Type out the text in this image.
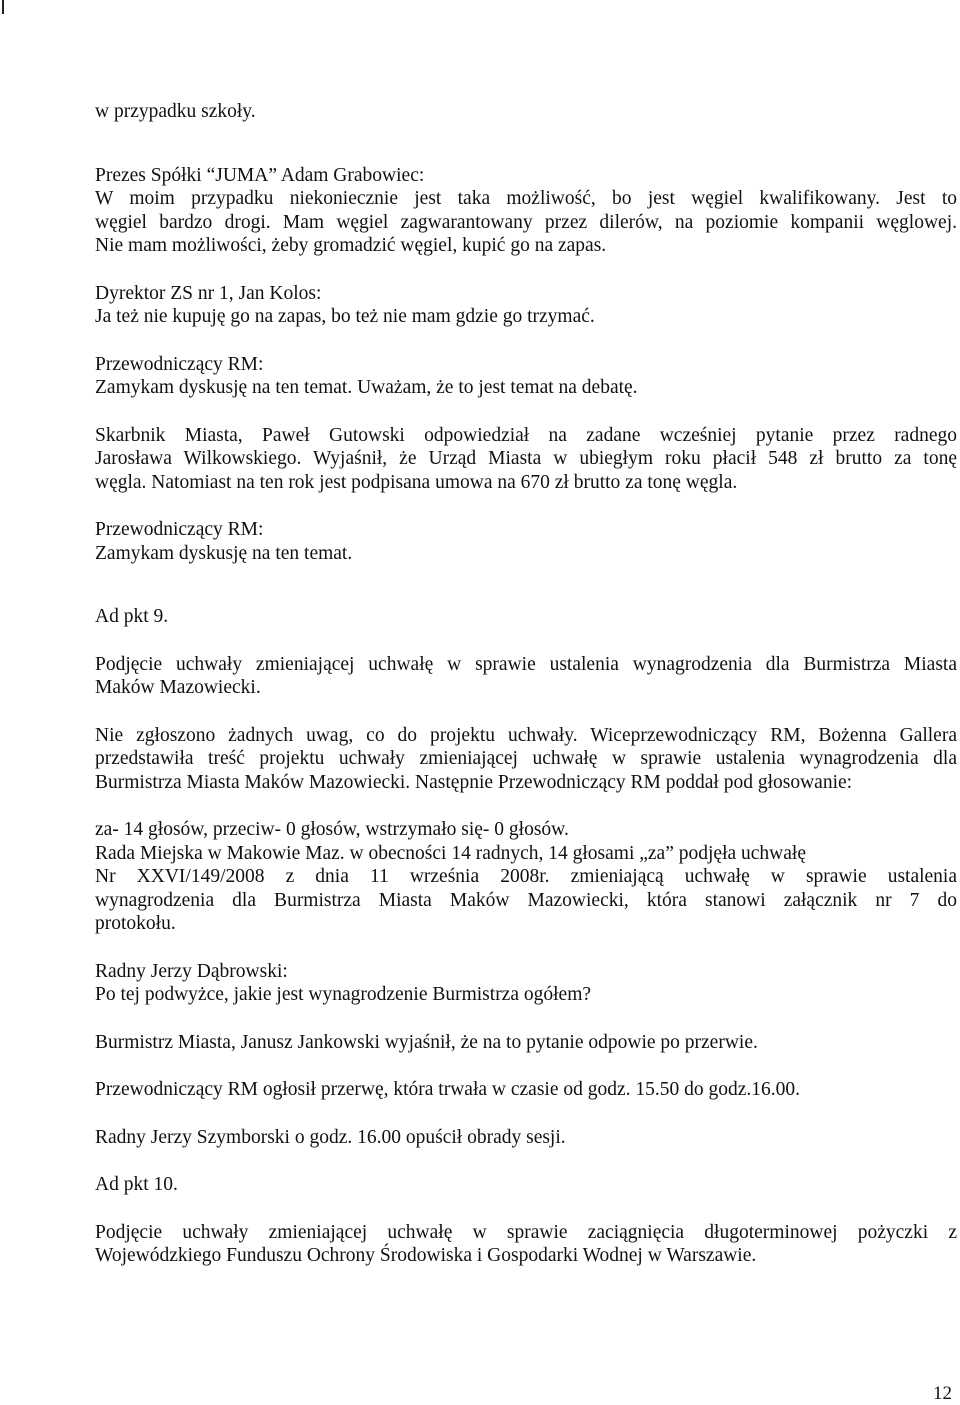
w przypadku szkoły.
Prezes Spółki “JUMA” Adam Grabowiec:
W moim przypadku niekoniecznie jest taka możliwość, bo jest węgiel kwalifikowany. Jest to
węgiel bardzo drogi. Mam węgiel zagwarantowany przez dilerów, na poziomie kompanii węglowej.
Nie mam możliwości, żeby gromadzić węgiel, kupić go na zapas.
Dyrektor ZS nr 1, Jan Kolos:
Ja też nie kupuję go na zapas, bo też nie mam gdzie go trzymać.
Przewodniczący RM:
Zamykam dyskusję na ten temat. Uważam, że to jest temat na debatę.
Skarbnik Miasta, Paweł Gutowski odpowiedział na zadane wcześniej pytanie przez radnego
Jarosława Wilkowskiego. Wyjaśnił, że Urząd Miasta w ubiegłym roku płacił 548 zł brutto za tonę
węgla. Natomiast na ten rok jest podpisana umowa na 670 zł brutto za tonę węgla.
Przewodniczący RM:
Zamykam dyskusję na ten temat.
Ad pkt 9.
Podjęcie uchwały zmieniającej uchwałę w sprawie ustalenia wynagrodzenia dla Burmistrza Miasta
Maków Mazowiecki.
Nie zgłoszono żadnych uwag, co do projektu uchwały. Wiceprzewodniczący RM, Bożenna Gallera
przedstawiła treść projektu uchwały zmieniającej uchwałę w sprawie ustalenia wynagrodzenia dla
Burmistrza Miasta Maków Mazowiecki. Następnie Przewodniczący RM poddał pod głosowanie:
za- 14 głosów, przeciw- 0 głosów, wstrzymało się- 0 głosów.
Rada Miejska w Makowie Maz. w obecności 14 radnych, 14 głosami „za” podjęła uchwałę
Nr XXVI/149/2008 z dnia 11 września 2008r. zmieniającą uchwałę w sprawie ustalenia
wynagrodzenia dla Burmistrza Miasta Maków Mazowiecki, która stanowi załącznik nr 7 do
protokołu.
Radny Jerzy Dąbrowski:
Po tej podwyżce, jakie jest wynagrodzenie Burmistrza ogółem?
Burmistrz Miasta, Janusz Jankowski wyjaśnił, że na to pytanie odpowie po przerwie.
Przewodniczący RM ogłosił przerwę, która trwała w czasie od godz. 15.50 do godz.16.00.
Radny Jerzy Szymborski o godz. 16.00 opuścił obrady sesji.
Ad pkt 10.
Podjęcie uchwały zmieniającej uchwałę w sprawie zaciągnięcia długoterminowej pożyczki z
Wojewódzkiego Funduszu Ochrony Środowiska i Gospodarki Wodnej w Warszawie.
12
